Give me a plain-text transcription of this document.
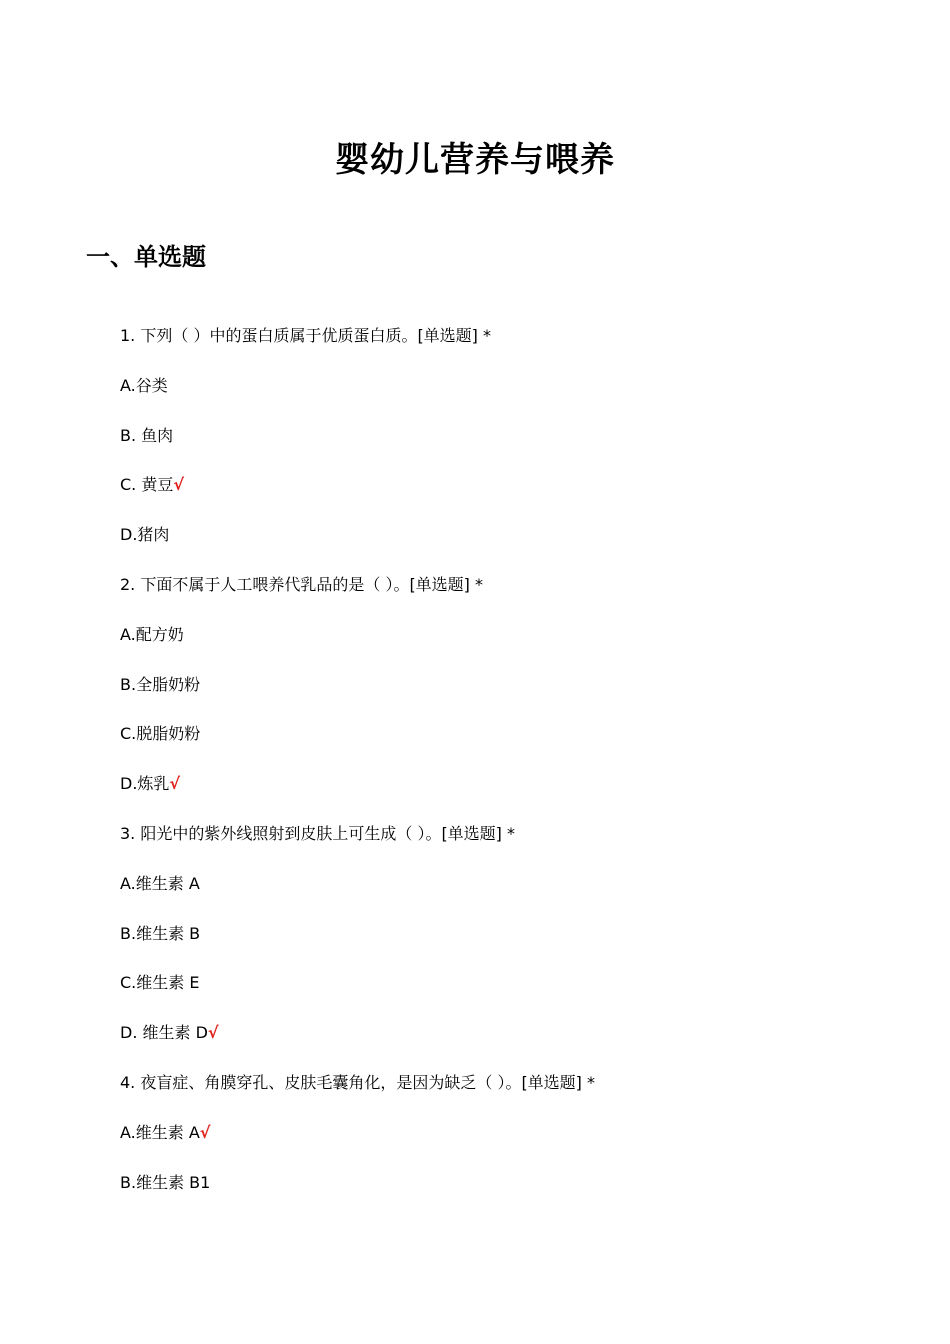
婴幼儿营养与喂养
一、单选题
1. 下列（ ）中的蛋白质属于优质蛋白质。[单选题] *
A.谷类
B. 鱼肉
C. 黄豆√
D.猪肉
2. 下面不属于人工喂养代乳品的是（ ）。[单选题] *
A.配方奶
B.全脂奶粉
C.脱脂奶粉
D.炼乳√
3. 阳光中的紫外线照射到皮肤上可生成（ ）。[单选题] *
A.维生素 A
B.维生素 B
C.维生素 E
D. 维生素 D√
4. 夜盲症、角膜穿孔、皮肤毛囊角化，是因为缺乏（ ）。[单选题] *
A.维生素 A√
B.维生素 B1
